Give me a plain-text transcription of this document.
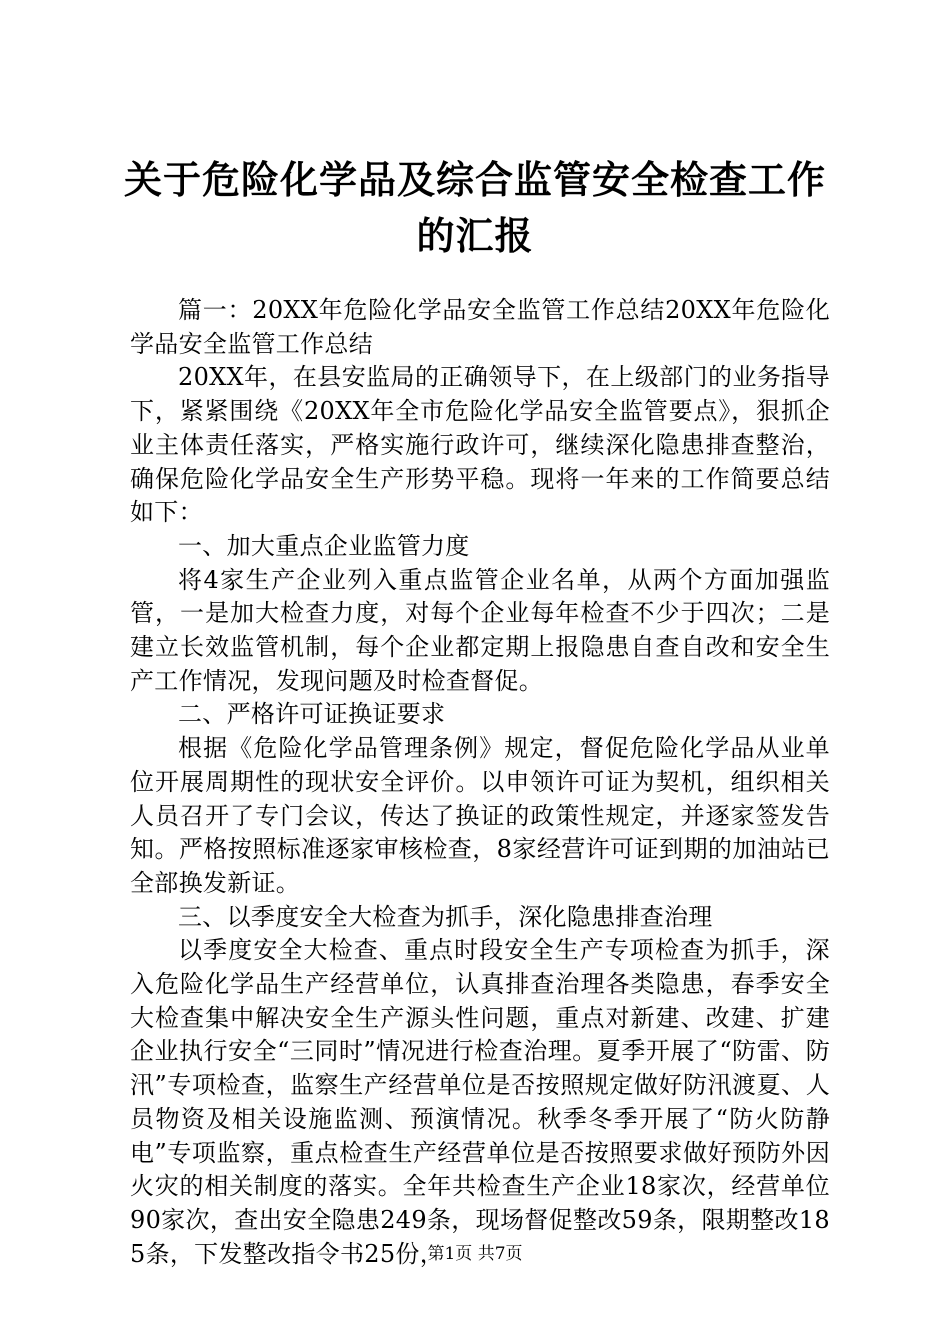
关于危险化学品及综合监管安全检查工作的汇报

篇一：20XX年危险化学品安全监管工作总结20XX年危险化学品安全监管工作总结

20XX年，在县安监局的正确领导下，在上级部门的业务指导下，紧紧围绕《20XX年全市危险化学品安全监管要点》，狠抓企业主体责任落实，严格实施行政许可，继续深化隐患排查整治，确保危险化学品安全生产形势平稳。现将一年来的工作简要总结如下：

一、加大重点企业监管力度

将4家生产企业列入重点监管企业名单，从两个方面加强监管，一是加大检查力度，对每个企业每年检查不少于四次；二是建立长效监管机制，每个企业都定期上报隐患自查自改和安全生产工作情况，发现问题及时检查督促。

二、严格许可证换证要求

根据《危险化学品管理条例》规定，督促危险化学品从业单位开展周期性的现状安全评价。以申领许可证为契机，组织相关人员召开了专门会议，传达了换证的政策性规定，并逐家签发告知。严格按照标准逐家审核检查，8家经营许可证到期的加油站已全部换发新证。

三、以季度安全大检查为抓手，深化隐患排查治理

以季度安全大检查、重点时段安全生产专项检查为抓手，深入危险化学品生产经营单位，认真排查治理各类隐患，春季安全大检查集中解决安全生产源头性问题，重点对新建、改建、扩建企业执行安全“三同时”情况进行检查治理。夏季开展了“防雷、防汛”专项检查，监察生产经营单位是否按照规定做好防汛渡夏、人员物资及相关设施监测、预演情况。秋季冬季开展了“防火防静电”专项监察，重点检查生产经营单位是否按照要求做好预防外因火灾的相关制度的落实。全年共检查生产企业18家次，经营单位90家次，查出安全隐患249条，现场督促整改59条，限期整改185条，下发整改指令书25份，

第1页 共7页
